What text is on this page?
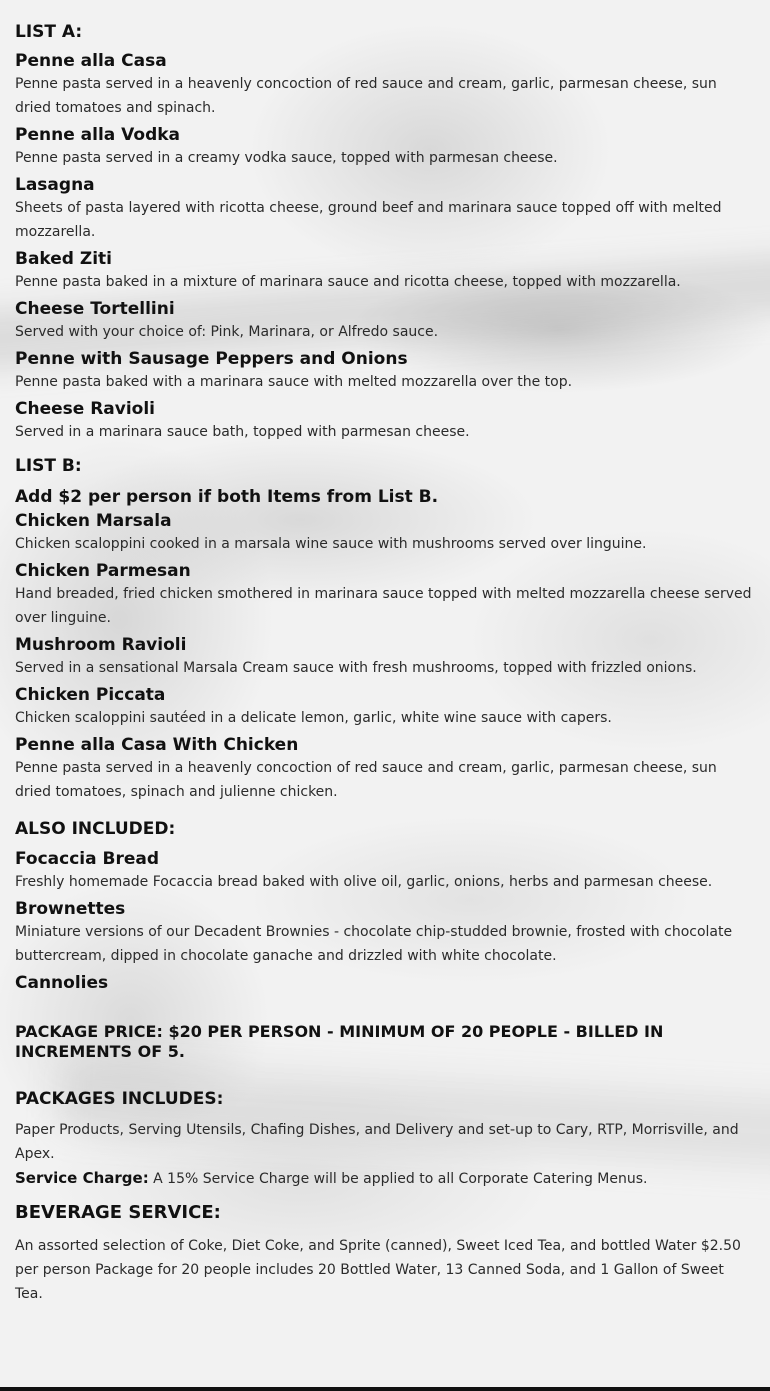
LIST A:
Penne alla Casa

Penne pasta served in a heavenly concoction of red sauce and cream, garlic, parmesan cheese, sun dried tomatoes and spinach.

Penne alla Vodka

Penne pasta served in a creamy vodka sauce, topped with parmesan cheese.

Lasagna

Sheets of pasta layered with ricotta cheese, ground beef and marinara sauce topped off with melted mozzarella.

Baked Ziti

Penne pasta baked in a mixture of marinara sauce and ricotta cheese, topped with mozzarella.

Cheese Tortellini

Served with your choice of: Pink, Marinara, or Alfredo sauce.

Penne with Sausage Peppers and Onions

Penne pasta baked with a marinara sauce with melted mozzarella over the top.

Cheese Ravioli

Served in a marinara sauce bath, topped with parmesan cheese.

LIST B:

Add $2 per person if both Items from List B.

Chicken Marsala

Chicken scaloppini cooked in a marsala wine sauce with mushrooms served over linguine.

Chicken Parmesan

Hand breaded, fried chicken smothered in marinara sauce topped with melted mozzarella cheese served over linguine.

Mushroom Ravioli

Served in a sensational Marsala Cream sauce with fresh mushrooms, topped with frizzled onions.

Chicken Piccata

Chicken scaloppini sautéed in a delicate lemon, garlic, white wine sauce with capers.

Penne alla Casa With Chicken

Penne pasta served in a heavenly concoction of red sauce and cream, garlic, parmesan cheese, sun dried tomatoes, spinach and julienne chicken.

ALSO INCLUDED:
Focaccia Bread

Freshly homemade Focaccia bread baked with olive oil, garlic, onions, herbs and parmesan cheese.

Brownettes

Miniature versions of our Decadent Brownies - chocolate chip-studded brownie, frosted with chocolate buttercream, dipped in chocolate ganache and drizzled with white chocolate.

Cannolies

PACKAGE PRICE: $20 PER PERSON - MINIMUM OF 20 PEOPLE - BILLED IN INCREMENTS OF 5.

PACKAGES INCLUDES:

Paper Products, Serving Utensils, Chafing Dishes, and Delivery and set-up to Cary, RTP, Morrisville, and Apex.

Service Charge: A 15% Service Charge will be applied to all Corporate Catering Menus.

BEVERAGE SERVICE:

An assorted selection of Coke, Diet Coke, and Sprite (canned), Sweet Iced Tea, and bottled Water $2.50 per person Package for 20 people includes 20 Bottled Water, 13 Canned Soda, and 1 Gallon of Sweet Tea.
